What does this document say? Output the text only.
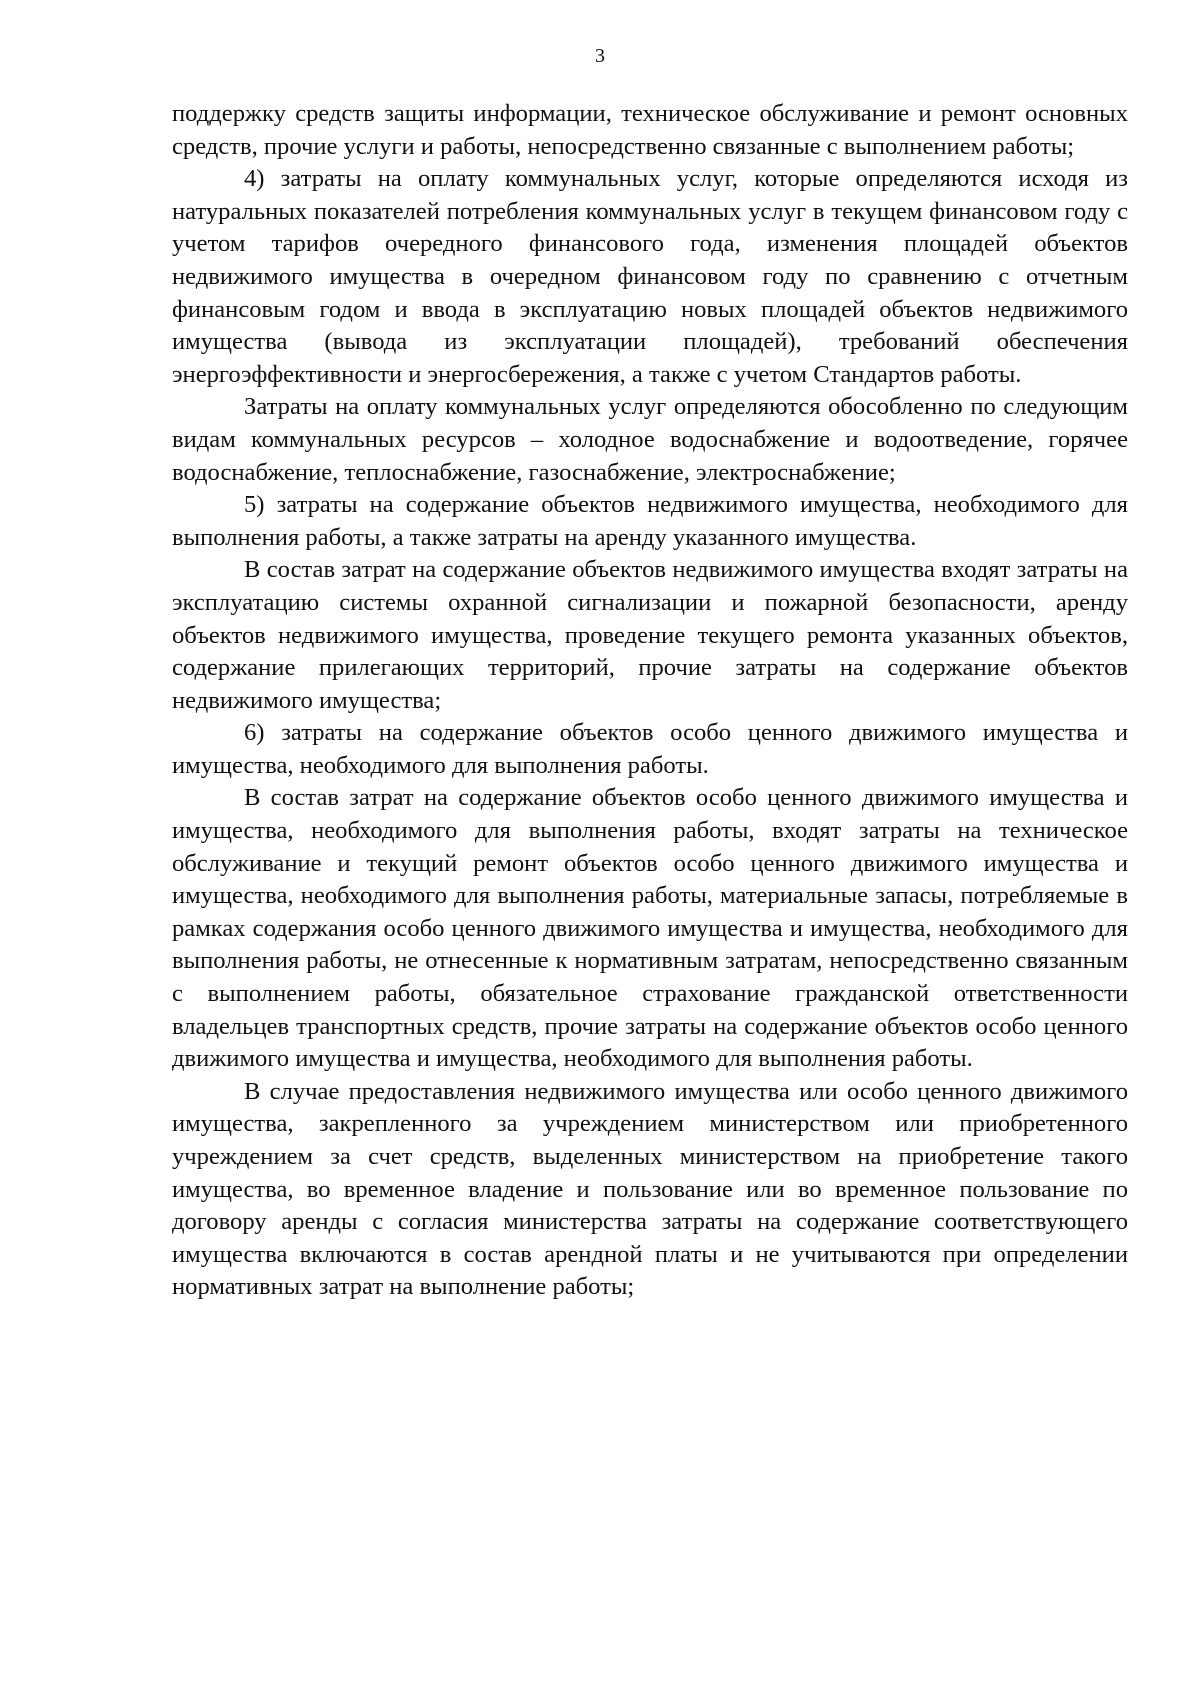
3

поддержку средств защиты информации, техническое обслуживание и ремонт основных средств, прочие услуги и работы, непосредственно связанные с выполнением работы;

4) затраты на оплату коммунальных услуг, которые определяются исходя из натуральных показателей потребления коммунальных услуг в текущем финансовом году с учетом тарифов очередного финансового года, изменения площадей объектов недвижимого имущества в очередном финансовом году по сравнению с отчетным финансовым годом и ввода в эксплуатацию новых площадей объектов недвижимого имущества (вывода из эксплуатации площадей), требований обеспечения энергоэффективности и энергосбережения, а также с учетом Стандартов работы.

Затраты на оплату коммунальных услуг определяются обособленно по следующим видам коммунальных ресурсов – холодное водоснабжение и водоотведение, горячее водоснабжение, теплоснабжение, газоснабжение, электроснабжение;

5) затраты на содержание объектов недвижимого имущества, необходимого для выполнения работы, а также затраты на аренду указанного имущества.

В состав затрат на содержание объектов недвижимого имущества входят затраты на эксплуатацию системы охранной сигнализации и пожарной безопасности, аренду объектов недвижимого имущества, проведение текущего ремонта указанных объектов, содержание прилегающих территорий, прочие затраты на содержание объектов недвижимого имущества;

6) затраты на содержание объектов особо ценного движимого имущества и имущества, необходимого для выполнения работы.

В состав затрат на содержание объектов особо ценного движимого имущества и имущества, необходимого для выполнения работы, входят затраты на техническое обслуживание и текущий ремонт объектов особо ценного движимого имущества и имущества, необходимого для выполнения работы, материальные запасы, потребляемые в рамках содержания особо ценного движимого имущества и имущества, необходимого для выполнения работы, не отнесенные к нормативным затратам, непосредственно связанным с выполнением работы, обязательное страхование гражданской ответственности владельцев транспортных средств, прочие затраты на содержание объектов особо ценного движимого имущества и имущества, необходимого для выполнения работы.

В случае предоставления недвижимого имущества или особо ценного движимого имущества, закрепленного за учреждением министерством или приобретенного учреждением за счет средств, выделенных министерством на приобретение такого имущества, во временное владение и пользование или во временное пользование по договору аренды с согласия министерства затраты на содержание соответствующего имущества включаются в состав арендной платы и не учитываются при определении нормативных затрат на выполнение работы;
